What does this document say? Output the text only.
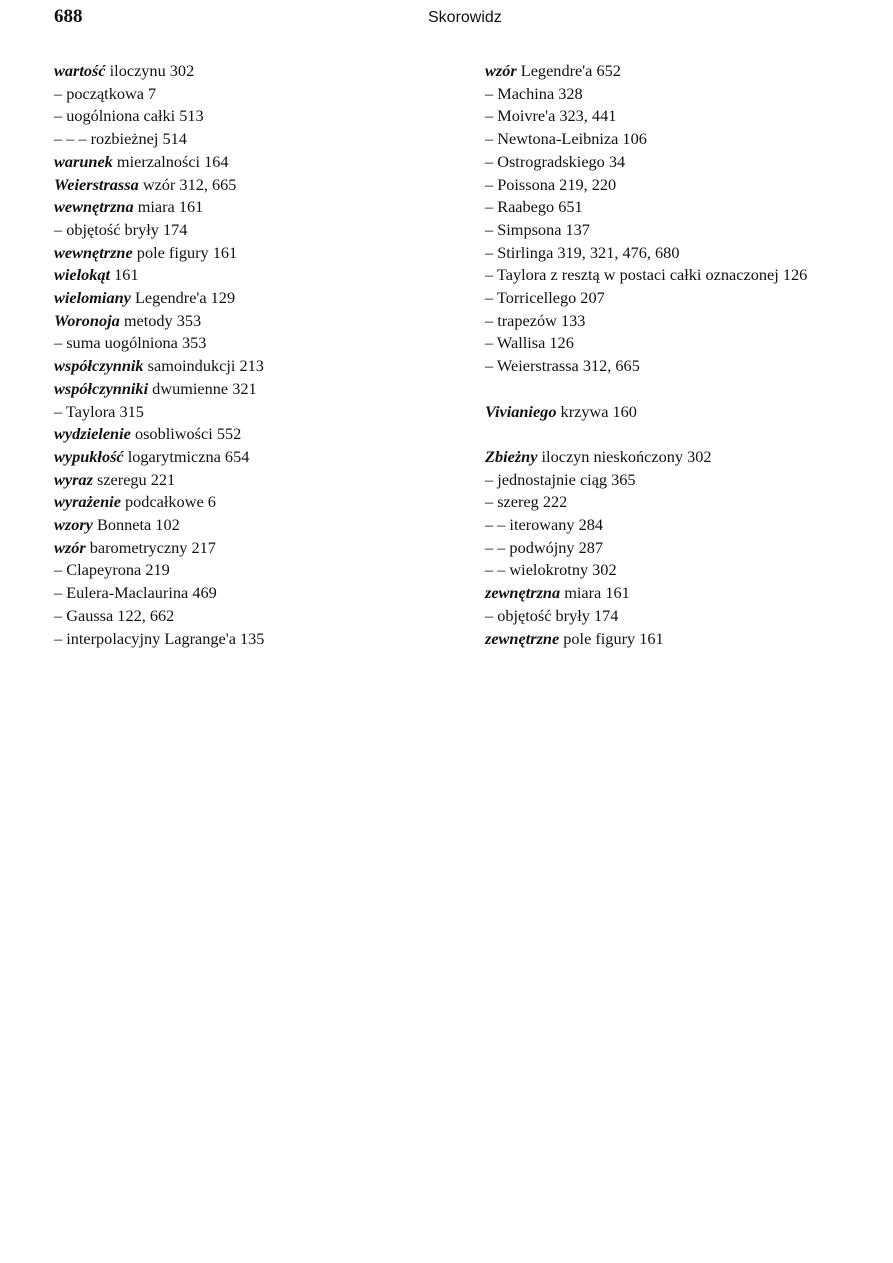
688	Skorowidz
wartość iloczynu 302
– początkowa 7
– uogólniona całki 513
– – – rozbieżnej 514
warunek mierzalności 164
Weierstrassa wzór 312, 665
wewnętrzna miara 161
– objętość bryły 174
wewnętrzne pole figury 161
wielokąt 161
wielomiany Legendre'a 129
Woronoja metody 353
– suma uogólniona 353
współczynnik samoindukcji 213
współczynniki dwumienne 321
– Taylora 315
wydzielenie osobliwości 552
wypukłość logarytmiczna 654
wyraz szeregu 221
wyrażenie podcałkowe 6
wzory Bonneta 102
wzór barometryczny 217
– Clapeyrona 219
– Eulera-Maclaurina 469
– Gaussa 122, 662
– interpolacyjny Lagrange'a 135
wzór Legendre'a 652
– Machina 328
– Moivre'a 323, 441
– Newtona-Leibniza 106
– Ostrogradskiego 34
– Poissona 219, 220
– Raabego 651
– Simpsona 137
– Stirlinga 319, 321, 476, 680
– Taylora z resztą w postaci całki oznaczonej 126
– Torricellego 207
– trapezów 133
– Wallisa 126
– Weierstrassa 312, 665
Vivianiego krzywa 160
Zbieżny iloczyn nieskończony 302
– jednostajnie ciąg 365
– szereg 222
– – iterowany 284
– – podwójny 287
– – wielokrotny 302
zewnętrzna miara 161
– objętość bryły 174
zewnętrzne pole figury 161
